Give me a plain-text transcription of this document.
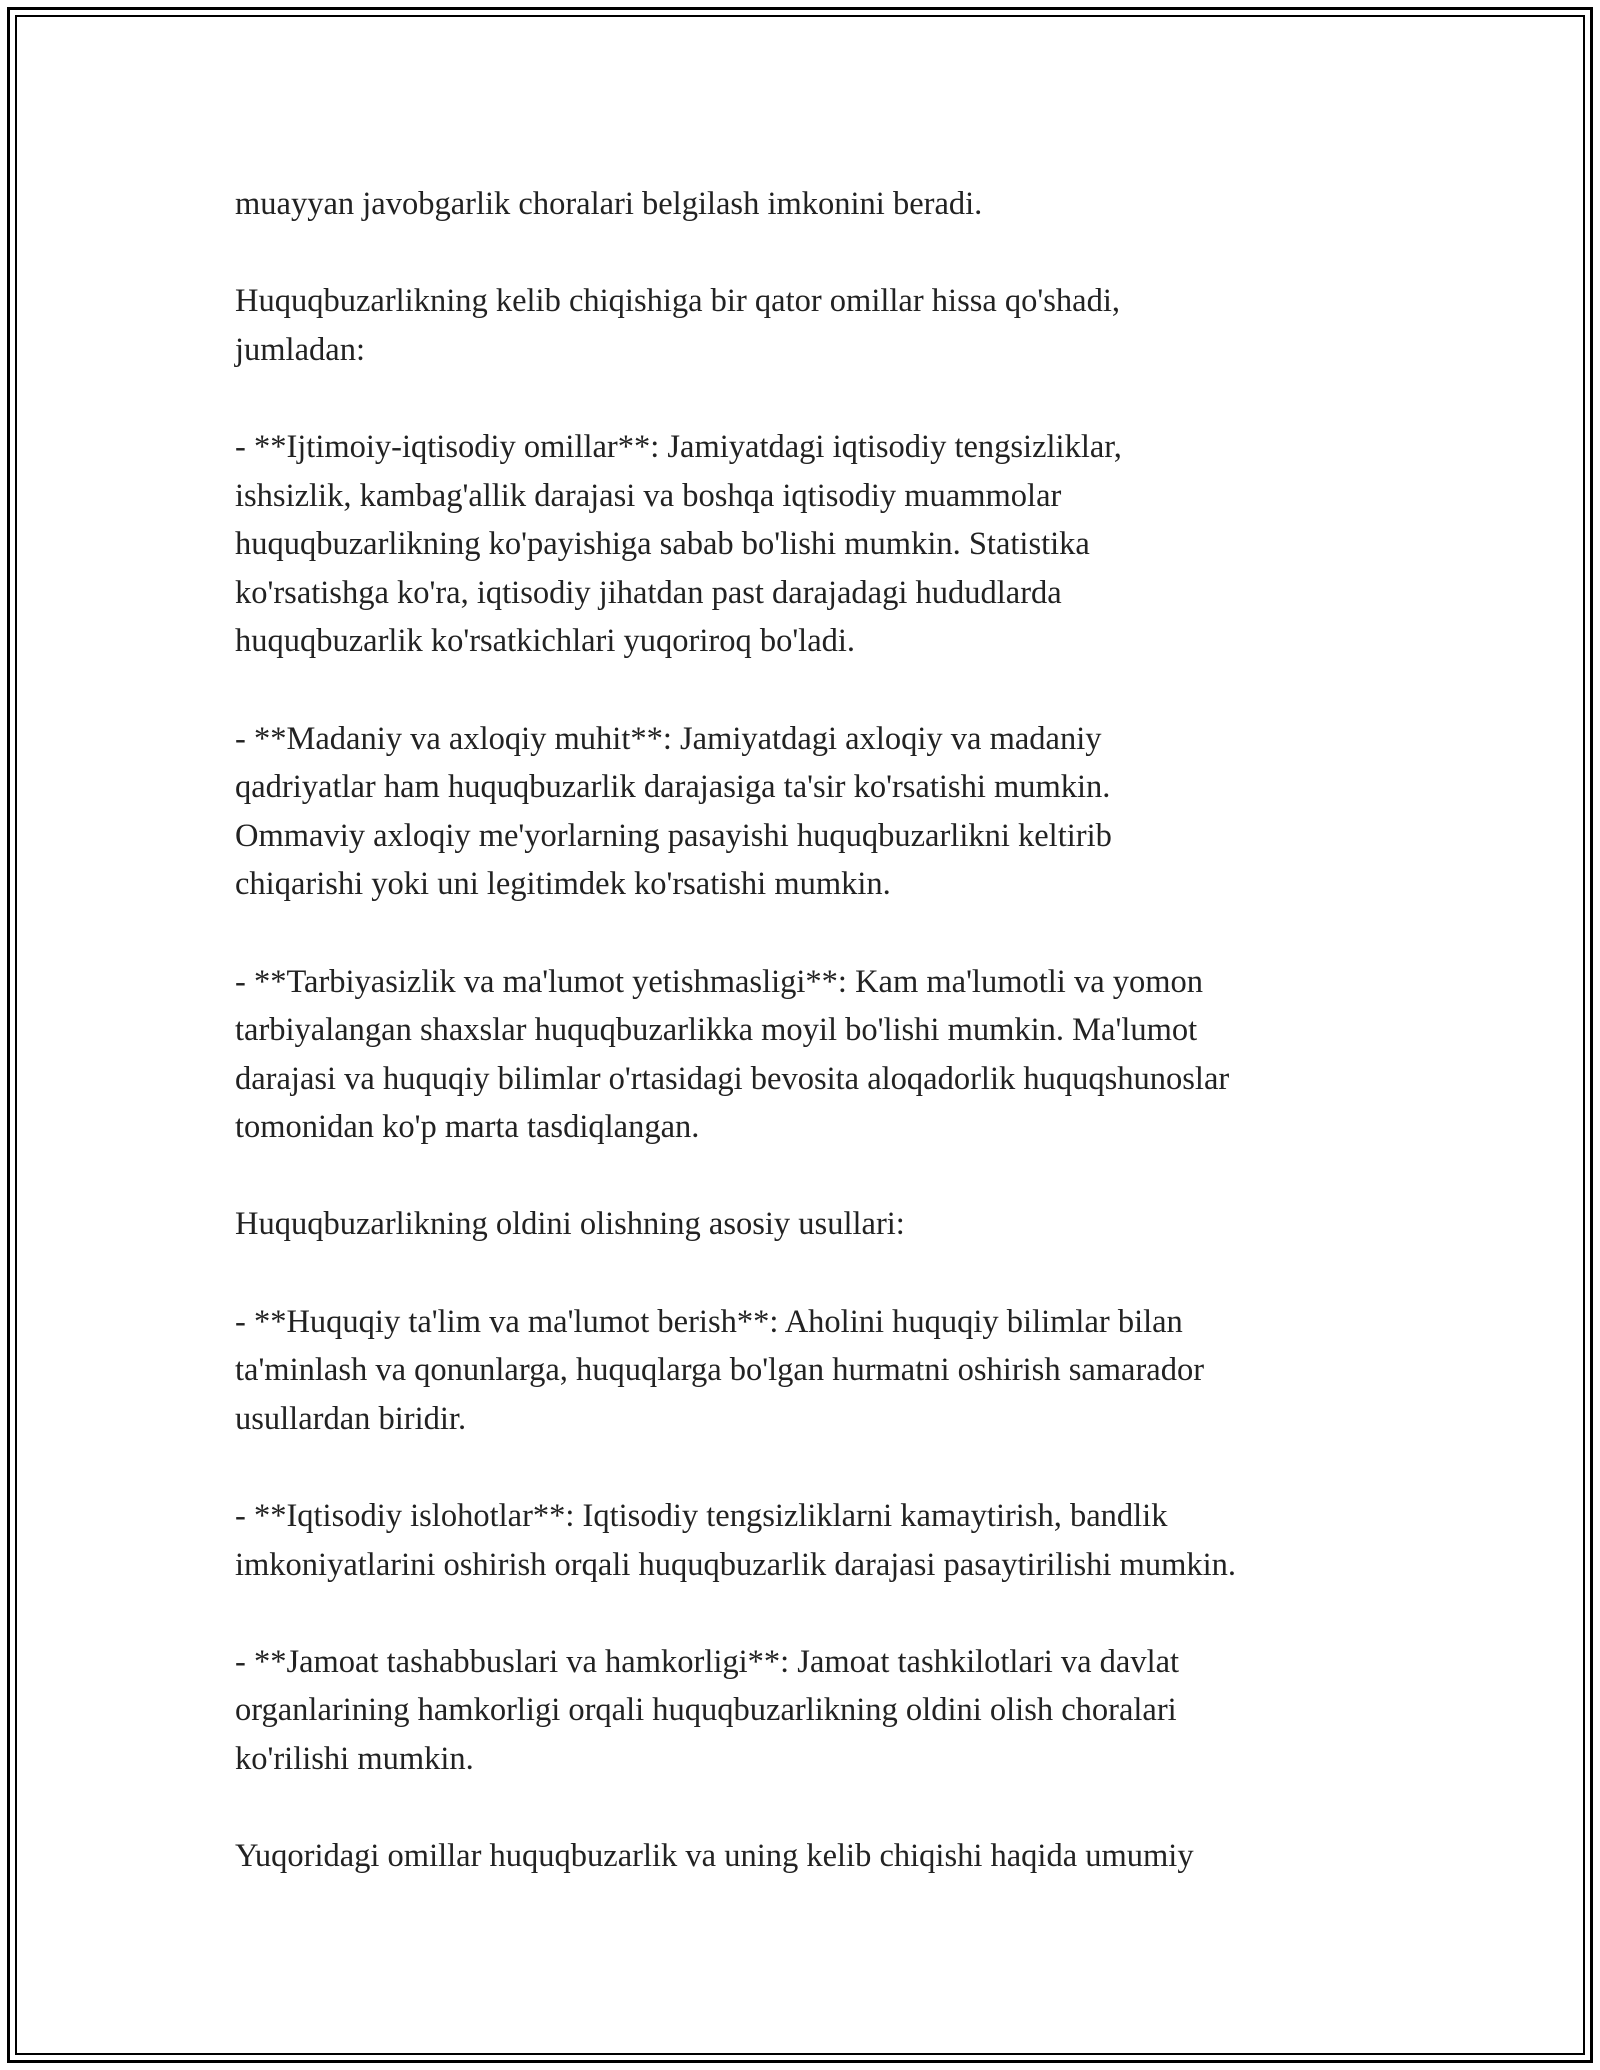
muayyan javobgarlik choralari belgilash imkonini beradi.
Huquqbuzarlikning kelib chiqishiga bir qator omillar hissa qo'shadi,
jumladan:
- **Ijtimoiy-iqtisodiy omillar**: Jamiyatdagi iqtisodiy tengsizliklar,
ishsizlik, kambag'allik darajasi va boshqa iqtisodiy muammolar
huquqbuzarlikning ko'payishiga sabab bo'lishi mumkin. Statistika
ko'rsatishga ko'ra, iqtisodiy jihatdan past darajadagi hududlarda
huquqbuzarlik ko'rsatkichlari yuqoriroq bo'ladi.
- **Madaniy va axloqiy muhit**: Jamiyatdagi axloqiy va madaniy
qadriyatlar ham huquqbuzarlik darajasiga ta'sir ko'rsatishi mumkin.
Ommaviy axloqiy me'yorlarning pasayishi huquqbuzarlikni keltirib
chiqarishi yoki uni legitimdek ko'rsatishi mumkin.
- **Tarbiyasizlik va ma'lumot yetishmasligi**: Kam ma'lumotli va yomon
tarbiyalangan shaxslar huquqbuzarlikka moyil bo'lishi mumkin. Ma'lumot
darajasi va huquqiy bilimlar o'rtasidagi bevosita aloqadorlik huquqshunoslar
tomonidan ko'p marta tasdiqlangan.
Huquqbuzarlikning oldini olishning asosiy usullari:
- **Huquqiy ta'lim va ma'lumot berish**: Aholini huquqiy bilimlar bilan
ta'minlash va qonunlarga, huquqlarga bo'lgan hurmatni oshirish samarador
usullardan biridir.
- **Iqtisodiy islohotlar**: Iqtisodiy tengsizliklarni kamaytirish, bandlik
imkoniyatlarini oshirish orqali huquqbuzarlik darajasi pasaytirilishi mumkin.
- **Jamoat tashabbuslari va hamkorligi**: Jamoat tashkilotlari va davlat
organlarining hamkorligi orqali huquqbuzarlikning oldini olish choralari
ko'rilishi mumkin.
Yuqoridagi omillar huquqbuzarlik va uning kelib chiqishi haqida umumiy
